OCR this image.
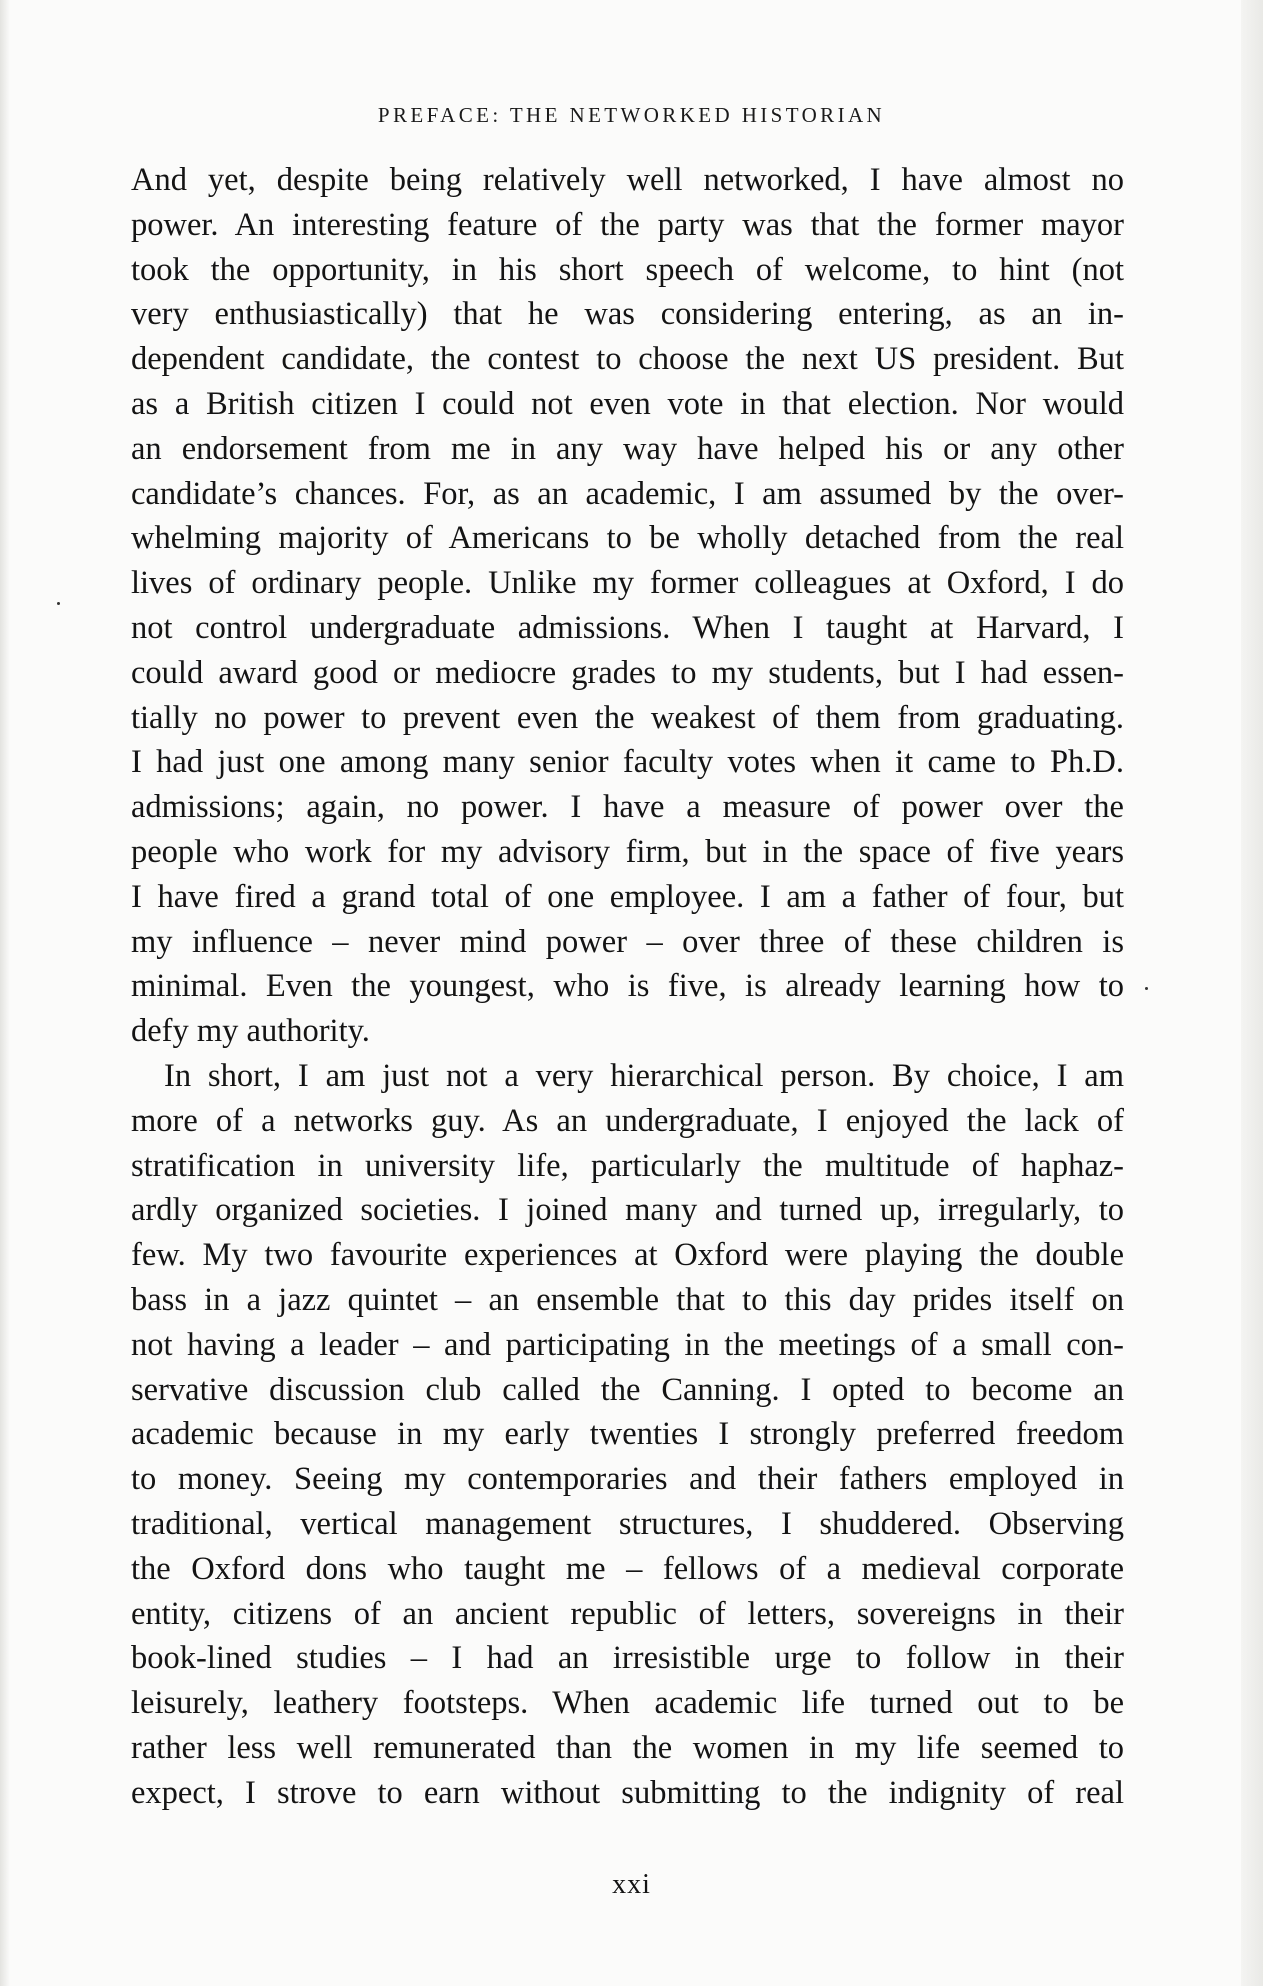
PREFACE: THE NETWORKED HISTORIAN
And yet, despite being relatively well networked, I have almost no
power. An interesting feature of the party was that the former mayor
took the opportunity, in his short speech of welcome, to hint (not
very enthusiastically) that he was considering entering, as an in-
dependent candidate, the contest to choose the next US president. But
as a British citizen I could not even vote in that election. Nor would
an endorsement from me in any way have helped his or any other
candidate’s chances. For, as an academic, I am assumed by the over-
whelming majority of Americans to be wholly detached from the real
lives of ordinary people. Unlike my former colleagues at Oxford, I do
not control undergraduate admissions. When I taught at Harvard, I
could award good or mediocre grades to my students, but I had essen-
tially no power to prevent even the weakest of them from graduating.
I had just one among many senior faculty votes when it came to Ph.D.
admissions; again, no power. I have a measure of power over the
people who work for my advisory firm, but in the space of five years
I have fired a grand total of one employee. I am a father of four, but
my influence – never mind power – over three of these children is
minimal. Even the youngest, who is five, is already learning how to
defy my authority.
In short, I am just not a very hierarchical person. By choice, I am
more of a networks guy. As an undergraduate, I enjoyed the lack of
stratification in university life, particularly the multitude of haphaz-
ardly organized societies. I joined many and turned up, irregularly, to
few. My two favourite experiences at Oxford were playing the double
bass in a jazz quintet – an ensemble that to this day prides itself on
not having a leader – and participating in the meetings of a small con-
servative discussion club called the Canning. I opted to become an
academic because in my early twenties I strongly preferred freedom
to money. Seeing my contemporaries and their fathers employed in
traditional, vertical management structures, I shuddered. Observing
the Oxford dons who taught me – fellows of a medieval corporate
entity, citizens of an ancient republic of letters, sovereigns in their
book-lined studies – I had an irresistible urge to follow in their
leisurely, leathery footsteps. When academic life turned out to be
rather less well remunerated than the women in my life seemed to
expect, I strove to earn without submitting to the indignity of real
xxi
